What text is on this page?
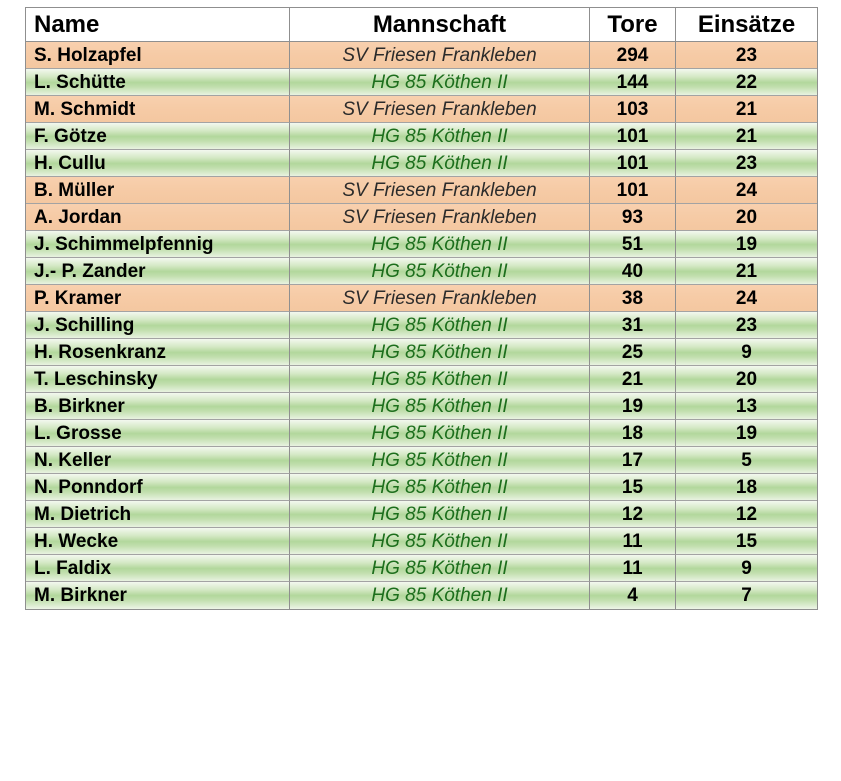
Name	Mannschaft	Tore	Einsätze
S. Holzapfel	SV Friesen Frankleben	294	23
L. Schütte	HG 85 Köthen II	144	22
M. Schmidt	SV Friesen Frankleben	103	21
F. Götze	HG 85 Köthen II	101	21
H. Cullu	HG 85 Köthen II	101	23
B. Müller	SV Friesen Frankleben	101	24
A. Jordan	SV Friesen Frankleben	93	20
J. Schimmelpfennig	HG 85 Köthen II	51	19
J.- P. Zander	HG 85 Köthen II	40	21
P. Kramer	SV Friesen Frankleben	38	24
J. Schilling	HG 85 Köthen II	31	23
H. Rosenkranz	HG 85 Köthen II	25	9
T. Leschinsky	HG 85 Köthen II	21	20
B. Birkner	HG 85 Köthen II	19	13
L. Grosse	HG 85 Köthen II	18	19
N. Keller	HG 85 Köthen II	17	5
N. Ponndorf	HG 85 Köthen II	15	18
M. Dietrich	HG 85 Köthen II	12	12
H. Wecke	HG 85 Köthen II	11	15
L. Faldix	HG 85 Köthen II	11	9
M. Birkner	HG 85 Köthen II	4	7
